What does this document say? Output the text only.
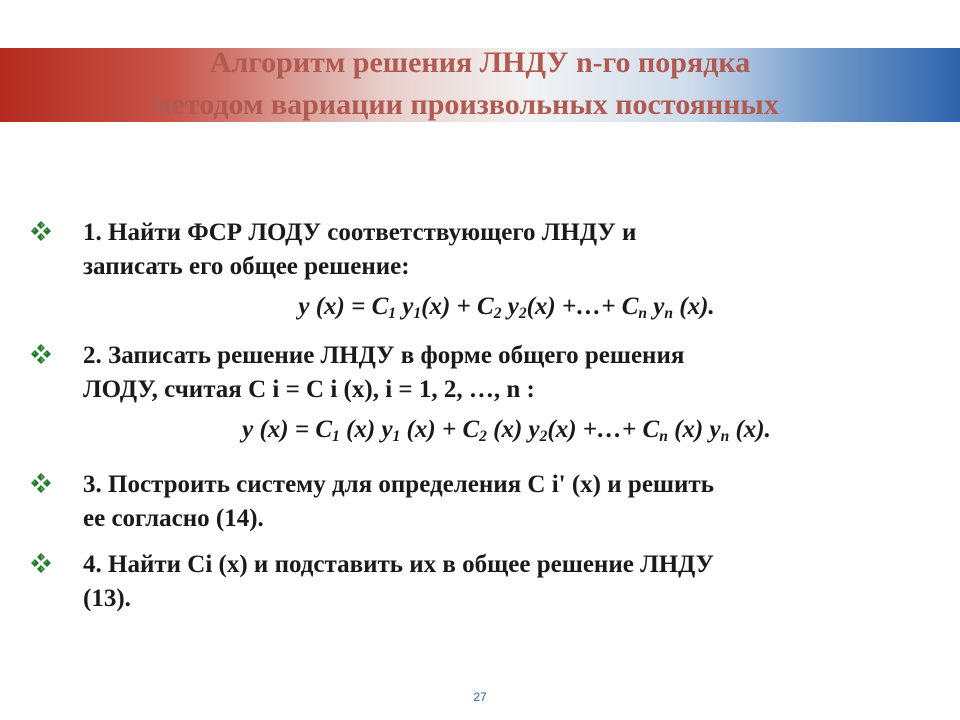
Алгоритм решения ЛНДУ n-го порядка
методом вариации произвольных постоянных
1. Найти ФСР ЛОДУ соответствующего ЛНДУ и
записать его общее решение:
y $(x) = C_1$ $y_1(x) + C_2$ $y_2(x)$ +…+ $C_n$ $y_n$ (x).
2. Записать решение ЛНДУ в форме общего решения
ЛОДУ, считая C i = C i (x), i = 1, 2, …, n :
y $(x) = C_1$ (x) $y_1$ $(x) + C_2$ (x) $y_2(x)$ +…+ $C_n$ (x) $y_n$ (x).
3. Построить систему для определения C i' (x) и решить
ее согласно (14).
4. Найти Ci (x) и подставить их в общее решение ЛНДУ
(13).
27
